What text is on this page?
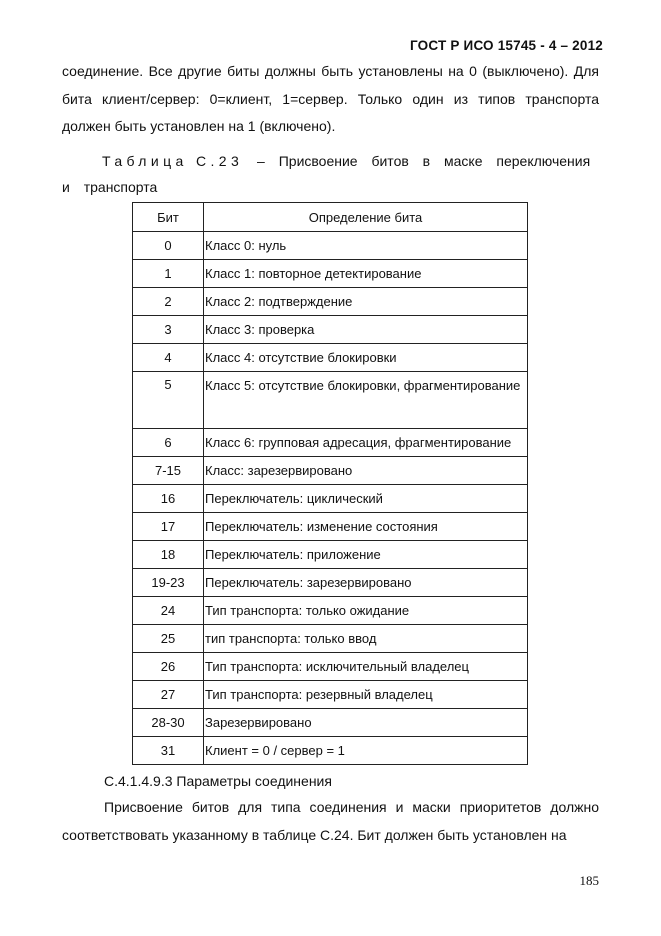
ГОСТ Р ИСО 15745 - 4 – 2012

соединение. Все другие биты должны быть установлены на 0 (выключено). Для бита клиент/сервер: 0=клиент, 1=сервер. Только один из типов транспорта должен быть установлен на 1 (включено).

Таблица С.23 – Присвоение битов в маске переключения и транспорта

Бит	Определение бита
0	Класс 0: нуль
1	Класс 1: повторное детектирование
2	Класс 2: подтверждение
3	Класс 3: проверка
4	Класс 4: отсутствие блокировки
5	Класс 5: отсутствие блокировки, фрагментирование
6	Класс 6: групповая адресация, фрагментирование
7-15	Класс: зарезервировано
16	Переключатель: циклический
17	Переключатель: изменение состояния
18	Переключатель: приложение
19-23	Переключатель: зарезервировано
24	Тип транспорта: только ожидание
25	тип транспорта: только ввод
26	Тип транспорта: исключительный владелец
27	Тип транспорта: резервный владелец
28-30	Зарезервировано
31	Клиент = 0 / сервер = 1

С.4.1.4.9.3 Параметры соединения

Присвоение битов для типа соединения и маски приоритетов должно соответствовать указанному в таблице С.24. Бит должен быть установлен на

185
